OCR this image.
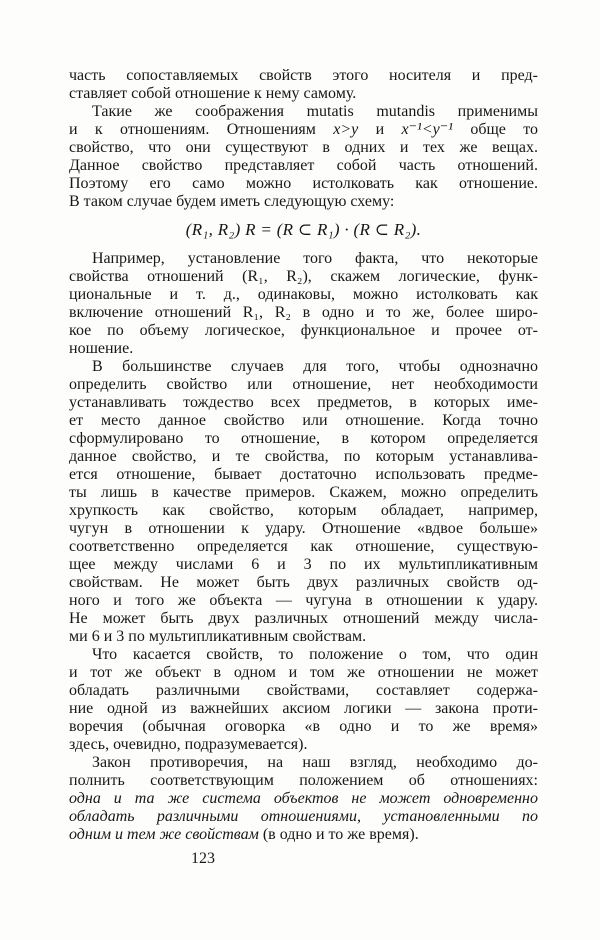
часть сопоставляемых свойств этого носителя и пред-
ставляет собой отношение к нему самому.
Такие же соображения mutatis mutandis применимы
и к отношениям. Отношениям x>y и x⁻¹<y⁻¹ обще то
свойство, что они существуют в одних и тех же вещах.
Данное свойство представляет собой часть отношений.
Поэтому его само можно истолковать как отношение.
В таком случае будем иметь следующую схему:
(R₁, R₂) R = (R ⊂ R₁) · (R ⊂ R₂).
Например, установление того факта, что некоторые
свойства отношений (R₁, R₂), скажем логические, функ-
циональные и т. д., одинаковы, можно истолковать как
включение отношений R₁, R₂ в одно и то же, более широ-
кое по объему логическое, функциональное и прочее от-
ношение.
В большинстве случаев для того, чтобы однозначно
определить свойство или отношение, нет необходимости
устанавливать тождество всех предметов, в которых име-
ет место данное свойство или отношение. Когда точно
сформулировано то отношение, в котором определяется
данное свойство, и те свойства, по которым устанавлива-
ется отношение, бывает достаточно использовать предме-
ты лишь в качестве примеров. Скажем, можно определить
хрупкость как свойство, которым обладает, например,
чугун в отношении к удару. Отношение «вдвое больше»
соответственно определяется как отношение, существую-
щее между числами 6 и 3 по их мультипликативным
свойствам. Не может быть двух различных свойств од-
ного и того же объекта — чугуна в отношении к удару.
Не может быть двух различных отношений между числа-
ми 6 и 3 по мультипликативным свойствам.
Что касается свойств, то положение о том, что один
и тот же объект в одном и том же отношении не может
обладать различными свойствами, составляет содержа-
ние одной из важнейших аксиом логики — закона проти-
воречия (обычная оговорка «в одно и то же время»
здесь, очевидно, подразумевается).
Закон противоречия, на наш взгляд, необходимо до-
полнить соответствующим положением об отношениях:
одна и та же система объектов не может одновременно
обладать различными отношениями, установленными по
одним и тем же свойствам (в одно и то же время).
123
